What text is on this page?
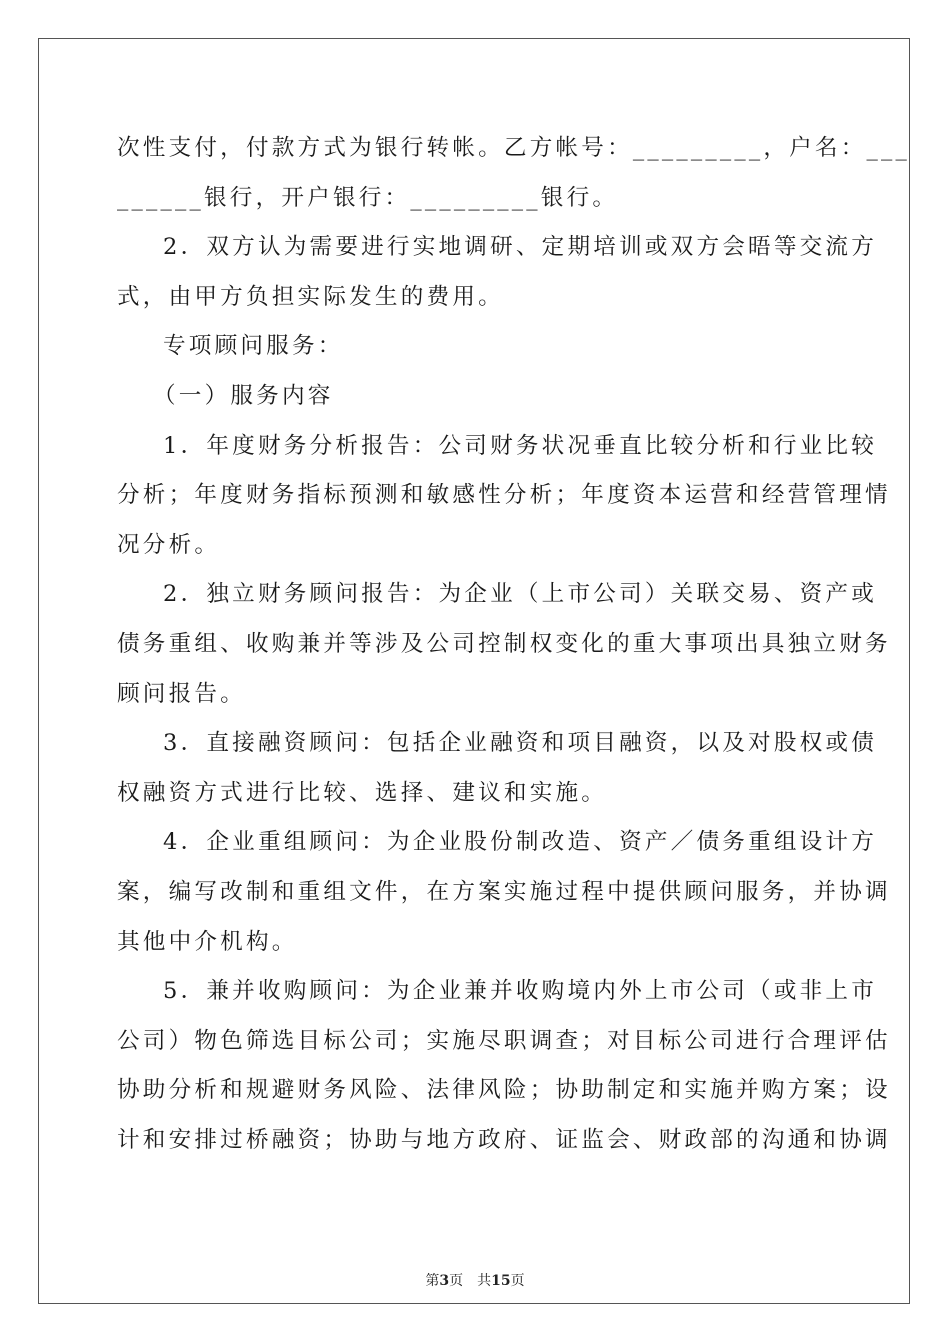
次性支付，付款方式为银行转帐。乙方帐号：_________，户名：___
______银行，开户银行：_________银行。
2．双方认为需要进行实地调研、定期培训或双方会晤等交流方
式，由甲方负担实际发生的费用。
专项顾问服务：
（一）服务内容
1．年度财务分析报告：公司财务状况垂直比较分析和行业比较
分析；年度财务指标预测和敏感性分析；年度资本运营和经营管理情
况分析。
2．独立财务顾问报告：为企业（上市公司）关联交易、资产或
债务重组、收购兼并等涉及公司控制权变化的重大事项出具独立财务
顾问报告。
3．直接融资顾问：包括企业融资和项目融资，以及对股权或债
权融资方式进行比较、选择、建议和实施。
4．企业重组顾问：为企业股份制改造、资产／债务重组设计方
案，编写改制和重组文件，在方案实施过程中提供顾问服务，并协调
其他中介机构。
5．兼并收购顾问：为企业兼并收购境内外上市公司（或非上市
公司）物色筛选目标公司；实施尽职调查；对目标公司进行合理评估
协助分析和规避财务风险、法律风险；协助制定和实施并购方案；设
计和安排过桥融资；协助与地方政府、证监会、财政部的沟通和协调
第3页　共15页
